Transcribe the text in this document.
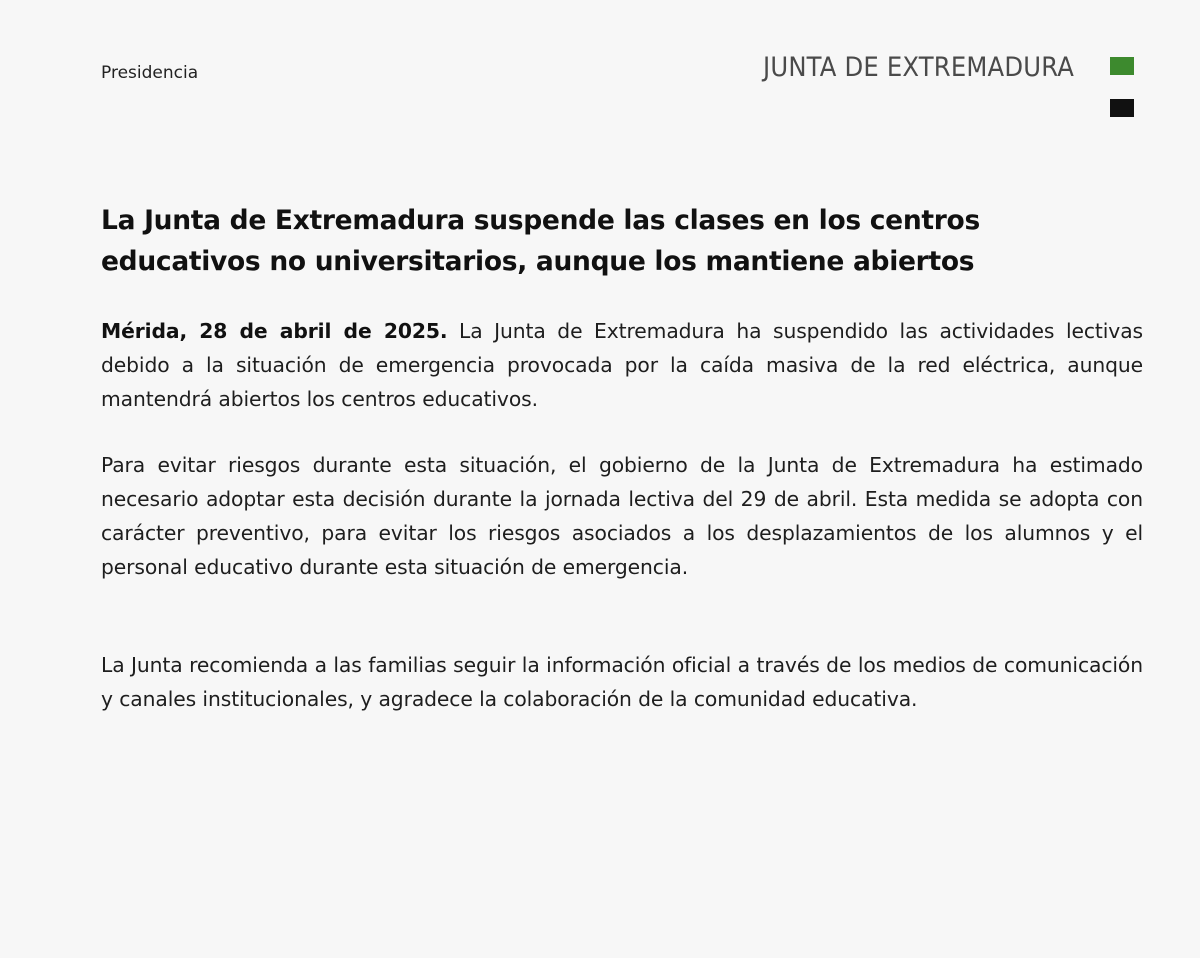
Presidencia	JUNTA DE EXTREMADURA
La Junta de Extremadura suspende las clases en los centros educativos no universitarios, aunque los mantiene abiertos

Mérida, 28 de abril de 2025. La Junta de Extremadura ha suspendido las actividades lectivas debido a la situación de emergencia provocada por la caída masiva de la red eléctrica, aunque mantendrá abiertos los centros educativos.

Para evitar riesgos durante esta situación, el gobierno de la Junta de Extremadura ha estimado necesario adoptar esta decisión durante la jornada lectiva del 29 de abril. Esta medida se adopta con carácter preventivo, para evitar los riesgos asociados a los desplazamientos de los alumnos y el personal educativo durante esta situación de emergencia.

La Junta recomienda a las familias seguir la información oficial a través de los medios de comunicación y canales institucionales, y agradece la colaboración de la comunidad educativa.
